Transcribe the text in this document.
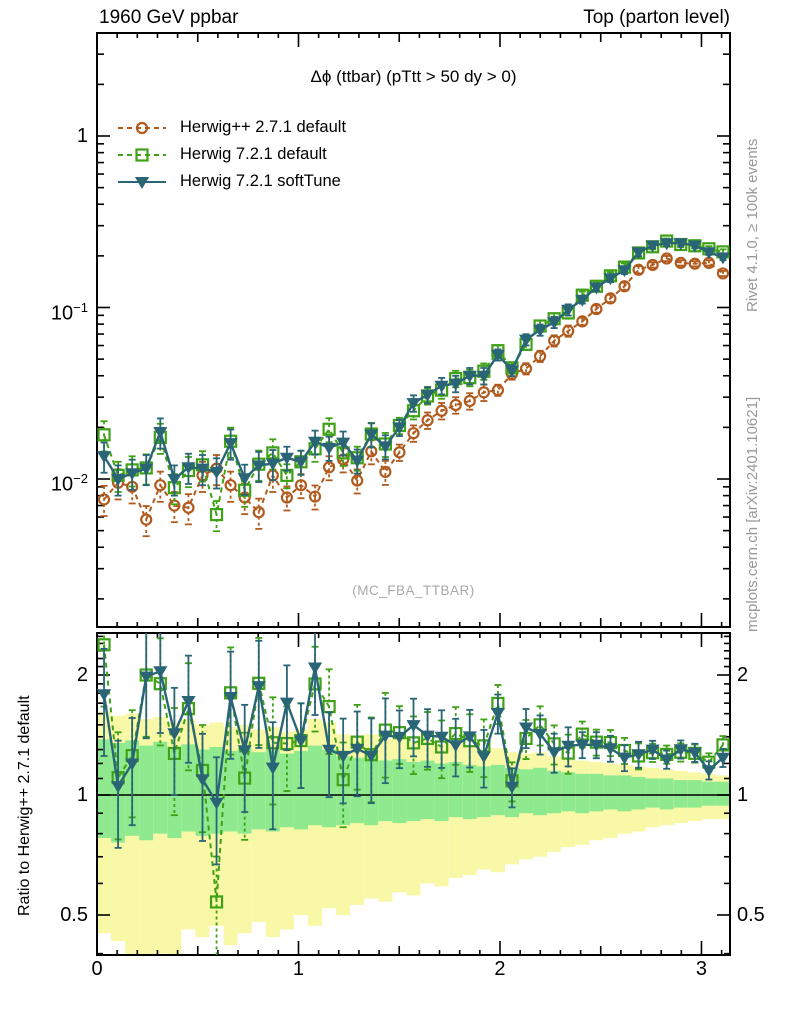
1960 GeV ppbar	Top (parton level)
Δϕ (ttbar) (pTtt > 50 dy > 0)
Herwig++ 2.7.1 default
Herwig 7.2.1 default
Herwig 7.2.1 softTune
(MC_FBA_TTBAR)
Rivet 4.1.0, ≥ 100k events
mcplots.cern.ch [arXiv:2401.10621]
Ratio to Herwig++ 2.7.1 default
1
$10^{-1}$
$10^{-2}$
2	2
1	1
0.5	0.5
0	1	2	3
